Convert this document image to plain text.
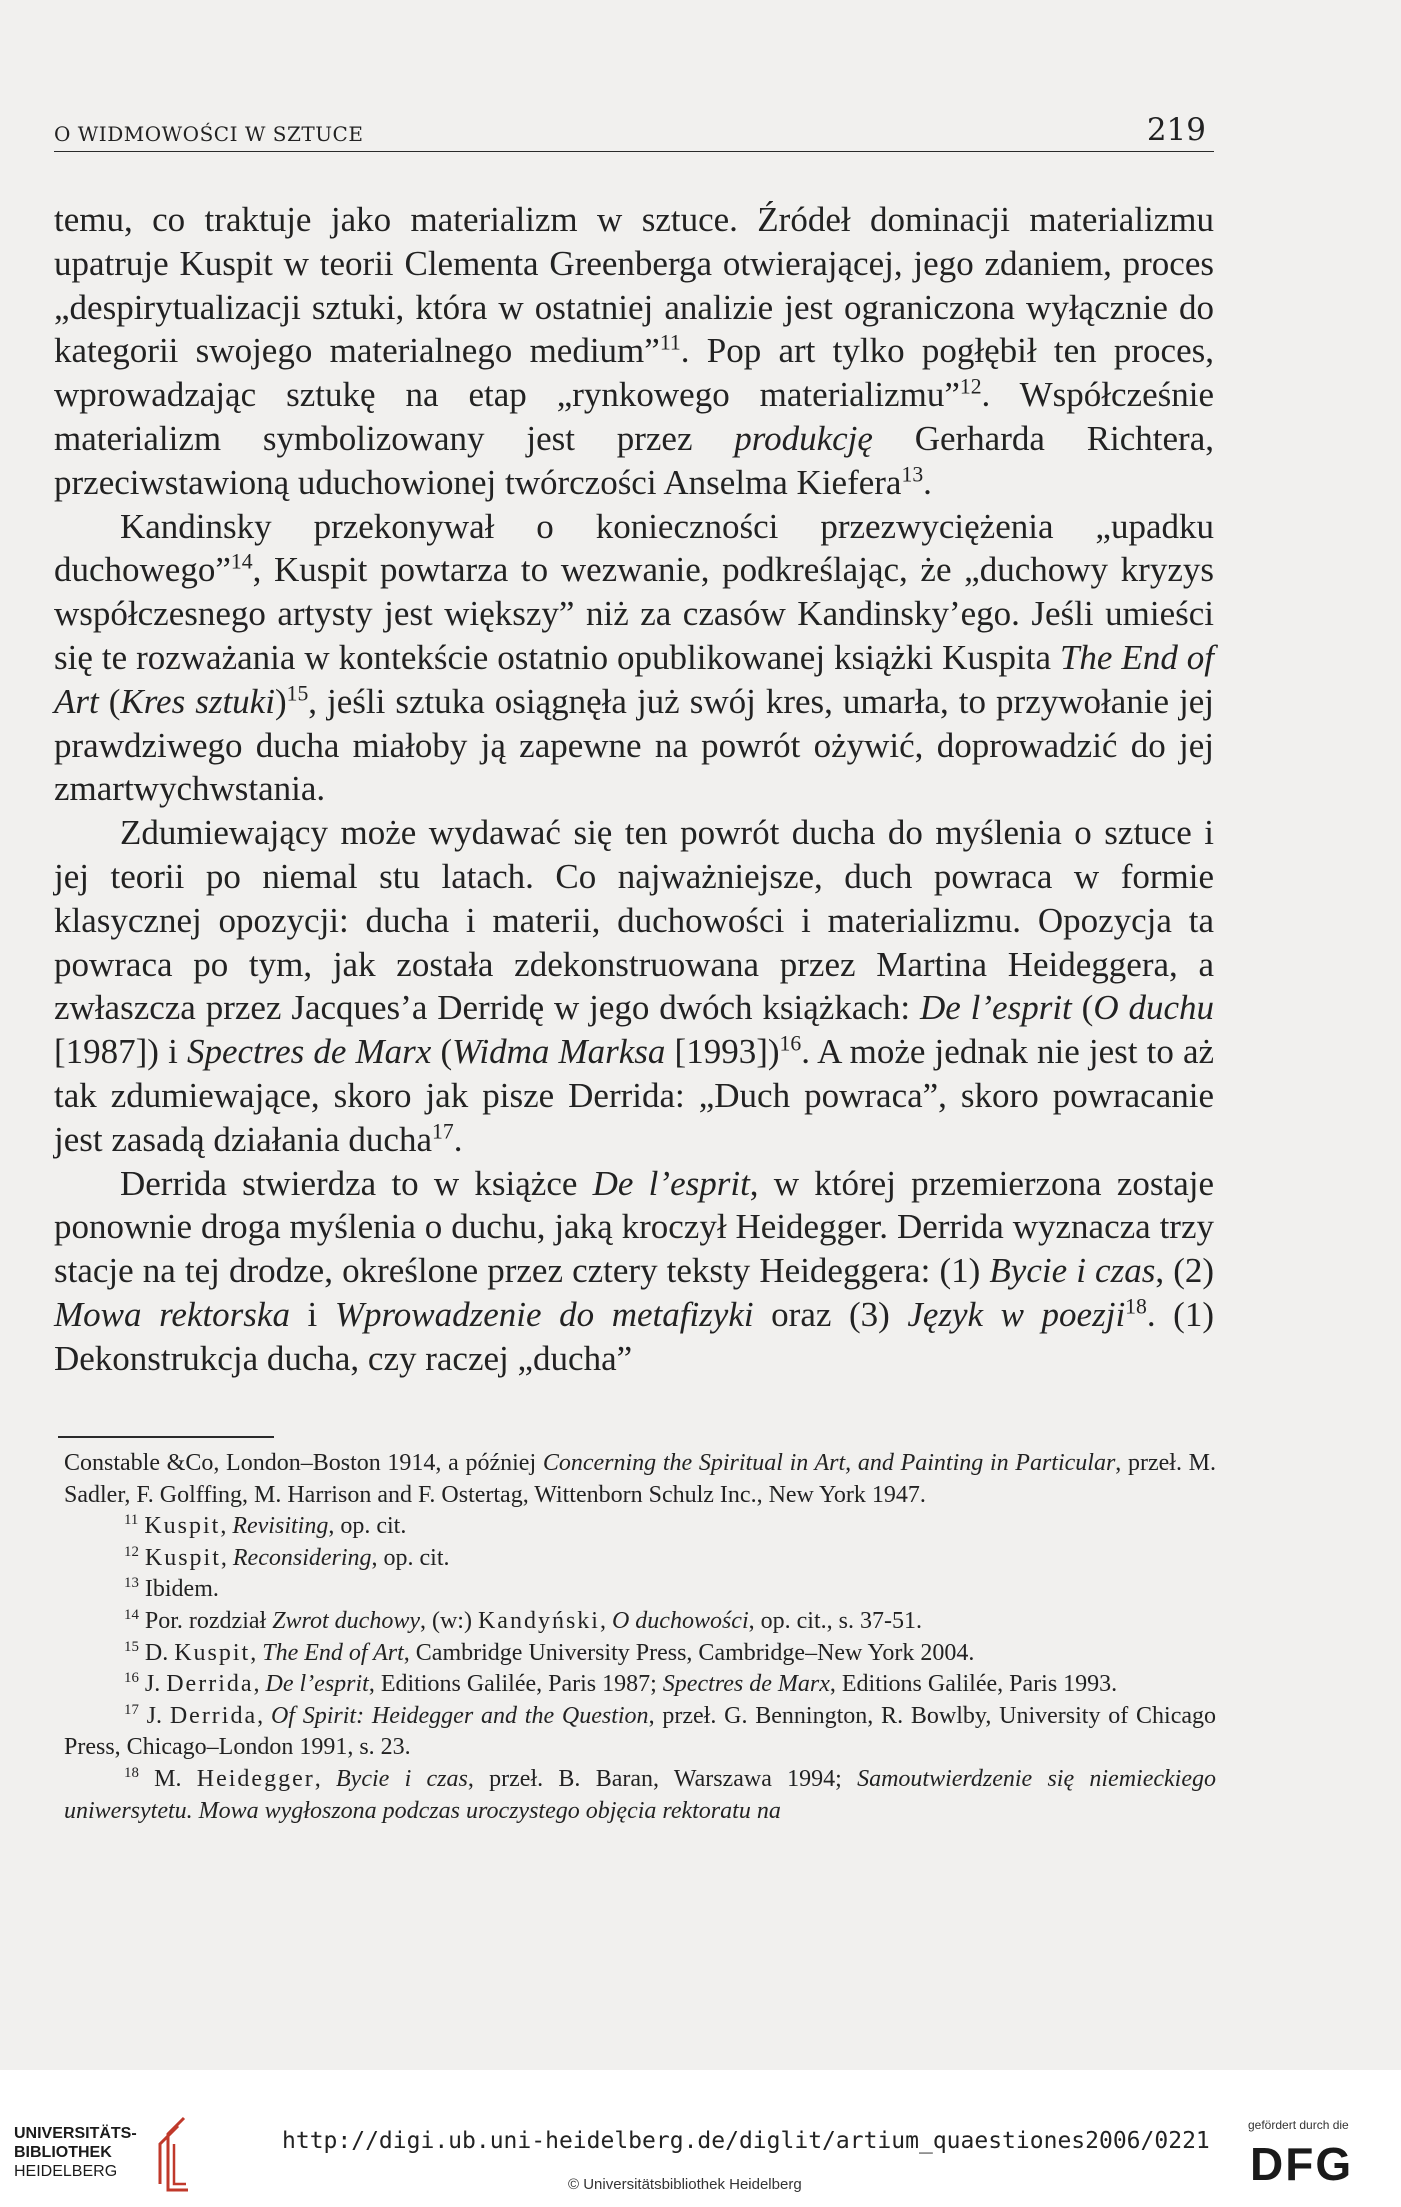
O WIDMOWOŚCI W SZTUCE	219

temu, co traktuje jako materializm w sztuce. Źródeł dominacji materializmu upatruje Kuspit w teorii Clementa Greenberga otwierającej, jego zdaniem, proces „despirytualizacji sztuki, która w ostatniej analizie jest ograniczona wyłącznie do kategorii swojego materialnego medium”$^{11}$. Pop art tylko pogłębił ten proces, wprowadzając sztukę na etap „rynkowego materializmu”$^{12}$. Współcześnie materializm symbolizowany jest przez produkcję Gerharda Richtera, przeciwstawioną uduchowionej twórczości Anselma Kiefera$^{13}$.

Kandinsky przekonywał o konieczności przezwyciężenia „upadku duchowego”$^{14}$, Kuspit powtarza to wezwanie, podkreślając, że „duchowy kryzys współczesnego artysty jest większy” niż za czasów Kandinsky’ego. Jeśli umieści się te rozważania w kontekście ostatnio opublikowanej książki Kuspita The End of Art (Kres sztuki)$^{15}$, jeśli sztuka osiągnęła już swój kres, umarła, to przywołanie jej prawdziwego ducha miałoby ją zapewne na powrót ożywić, doprowadzić do jej zmartwychwstania.

Zdumiewający może wydawać się ten powrót ducha do myślenia o sztuce i jej teorii po niemal stu latach. Co najważniejsze, duch powraca w formie klasycznej opozycji: ducha i materii, duchowości i materializmu. Opozycja ta powraca po tym, jak została zdekonstruowana przez Martina Heideggera, a zwłaszcza przez Jacques’a Derridę w jego dwóch książkach: De l’esprit (O duchu [1987]) i Spectres de Marx (Widma Marksa [1993])$^{16}$. A może jednak nie jest to aż tak zdumiewające, skoro jak pisze Derrida: „Duch powraca”, skoro powracanie jest zasadą działania ducha$^{17}$.

Derrida stwierdza to w książce De l’esprit, w której przemierzona zostaje ponownie droga myślenia o duchu, jaką kroczył Heidegger. Derrida wyznacza trzy stacje na tej drodze, określone przez cztery teksty Heideggera: (1) Bycie i czas, (2) Mowa rektorska i Wprowadzenie do metafizyki oraz (3) Język w poezji$^{18}$. (1) Dekonstrukcja ducha, czy raczej „ducha”

Constable &Co, London–Boston 1914, a później Concerning the Spiritual in Art, and Painting in Particular, przeł. M. Sadler, F. Golffing, M. Harrison and F. Ostertag, Wittenborn Schulz Inc., New York 1947.

$^{11}$ Kuspit, Revisiting, op. cit.

$^{12}$ Kuspit, Reconsidering, op. cit.

$^{13}$ Ibidem.

$^{14}$ Por. rozdział Zwrot duchowy, (w:) Kandyński, O duchowości, op. cit., s. 37-51.

$^{15}$ D. Kuspit, The End of Art, Cambridge University Press, Cambridge–New York 2004.

$^{16}$ J. Derrida, De l’esprit, Editions Galilée, Paris 1987; Spectres de Marx, Editions Galilée, Paris 1993.

$^{17}$ J. Derrida, Of Spirit: Heidegger and the Question, przeł. G. Bennington, R. Bowlby, University of Chicago Press, Chicago–London 1991, s. 23.

$^{18}$ M. Heidegger, Bycie i czas, przeł. B. Baran, Warszawa 1994; Samoutwierdzenie się niemieckiego uniwersytetu. Mowa wygłoszona podczas uroczystego objęcia rektoratu na

UNIVERSITÄTS-
BIBLIOTHEK
HEIDELBERG
http://digi.ub.uni-heidelberg.de/diglit/artium_quaestiones2006/0221
© Universitätsbibliothek Heidelberg
gefördert durch die
DFG
